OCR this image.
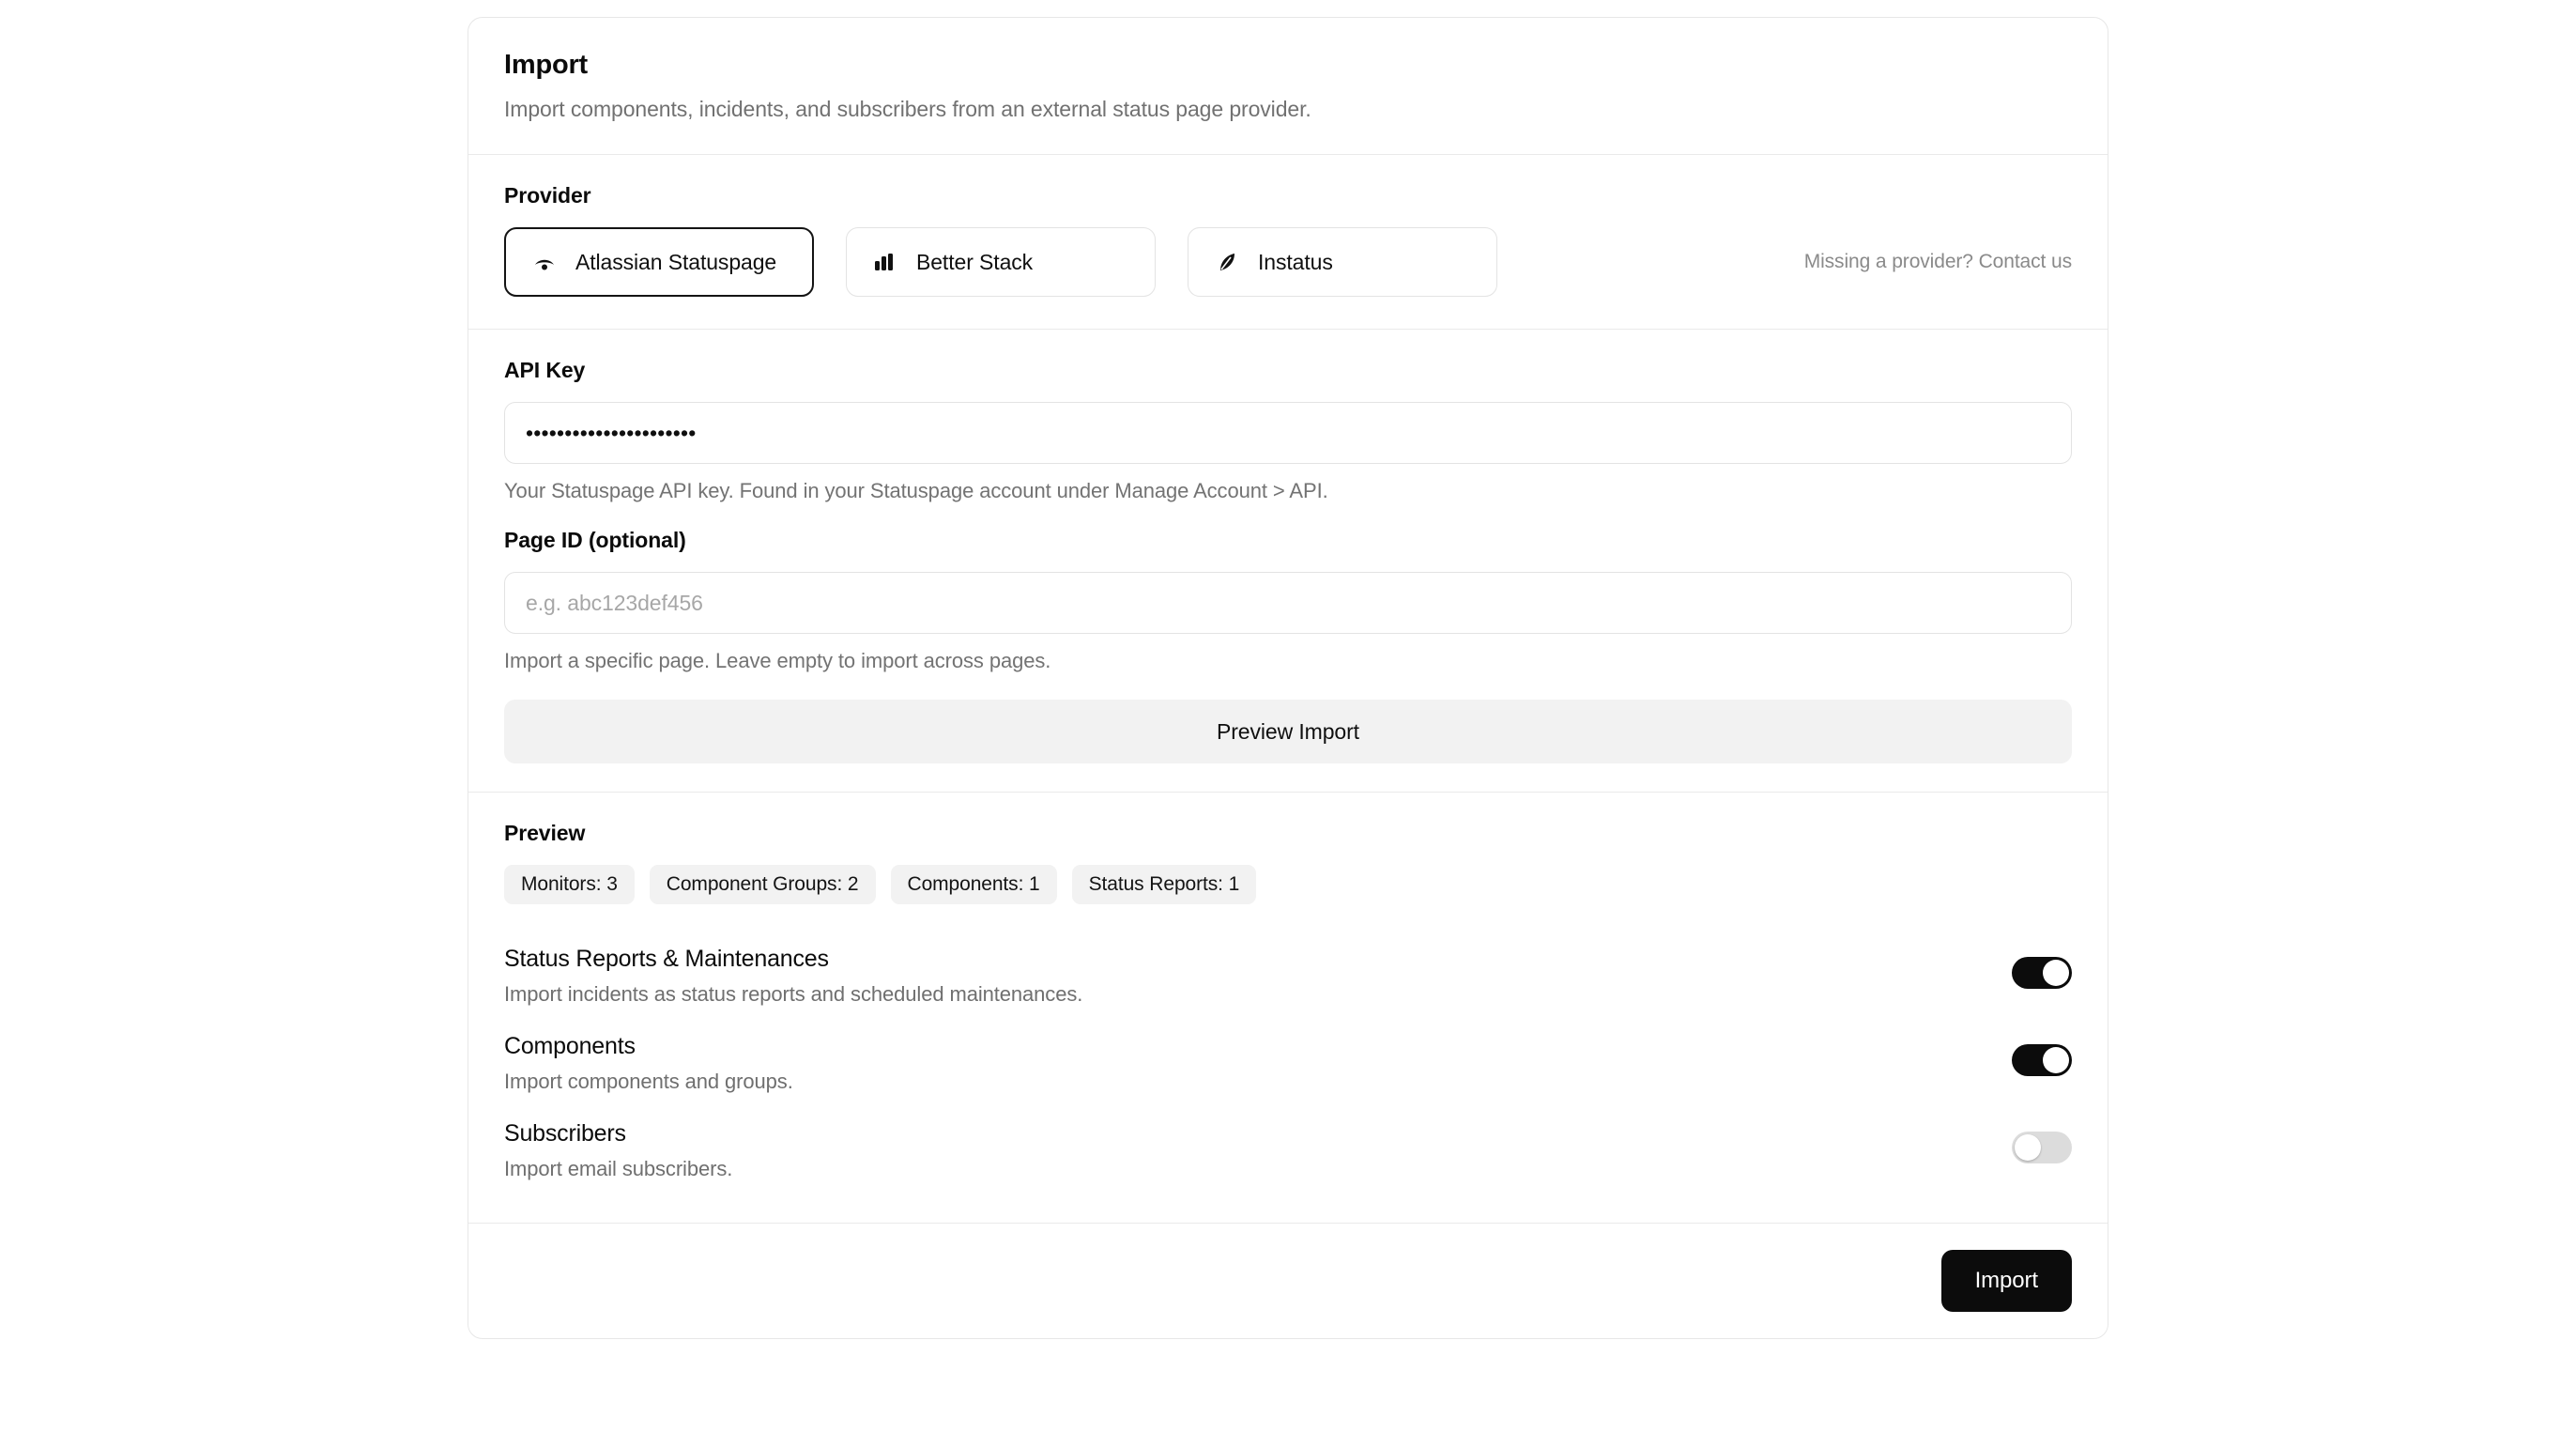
Import
Import components, incidents, and subscribers from an external status page provider.
Provider
Atlassian Statuspage	Better Stack	Instatus	Missing a provider? Contact us
API Key
••••••••••••••••••••••
Your Statuspage API key. Found in your Statuspage account under Manage Account > API.
Page ID (optional)
e.g. abc123def456
Import a specific page. Leave empty to import across pages.
Preview Import
Preview
Monitors: 3	Component Groups: 2	Components: 1	Status Reports: 1
Status Reports & Maintenances
Import incidents as status reports and scheduled maintenances.
Components
Import components and groups.
Subscribers
Import email subscribers.
Import
